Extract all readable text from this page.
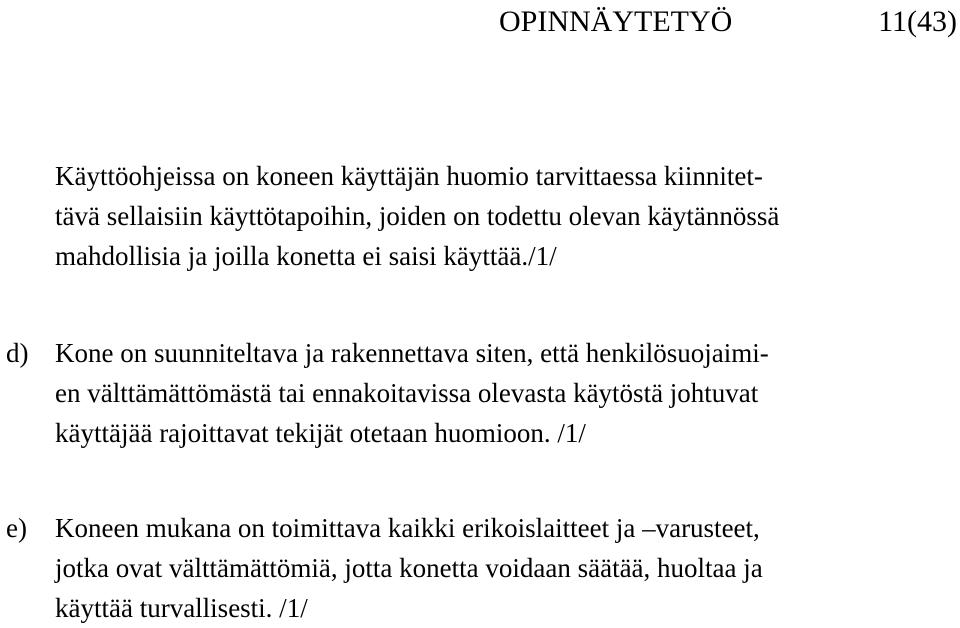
OPINNÄYTETYÖ	11(43)
Käyttöohjeissa on koneen käyttäjän huomio tarvittaessa kiinnitet-
tävä sellaisiin käyttötapoihin, joiden on todettu olevan käytännössä
mahdollisia ja joilla konetta ei saisi käyttää./1/
d) Kone on suunniteltava ja rakennettava siten, että henkilösuojaimi-
en välttämättömästä tai ennakoitavissa olevasta käytöstä johtuvat
käyttäjää rajoittavat tekijät otetaan huomioon. /1/
e) Koneen mukana on toimittava kaikki erikoislaitteet ja –varusteet,
jotka ovat välttämättömiä, jotta konetta voidaan säätää, huoltaa ja
käyttää turvallisesti. /1/
